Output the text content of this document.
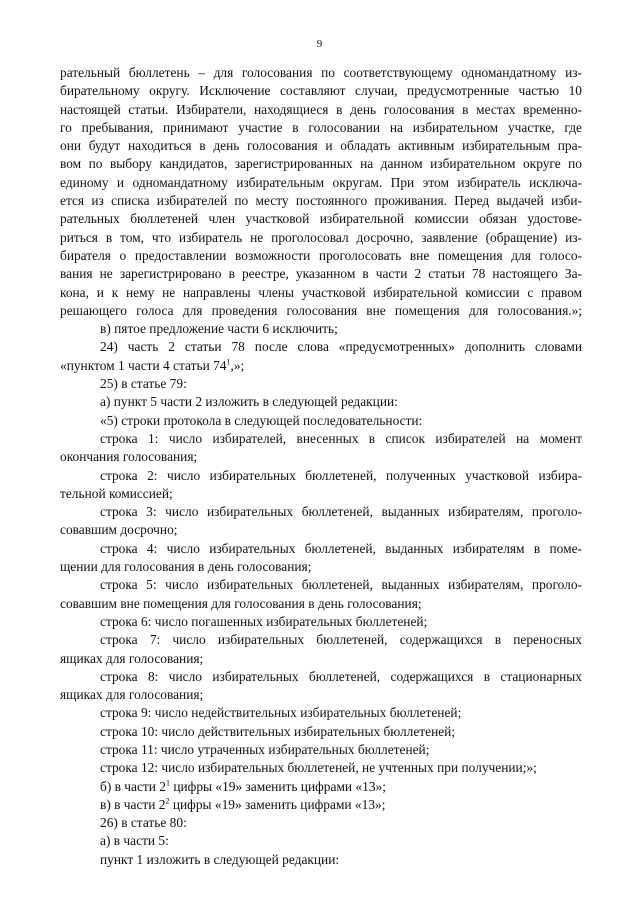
9
рательный бюллетень – для голосования по соответствующему одномандатному из-
бирательному округу. Исключение составляют случаи, предусмотренные частью 10
настоящей статьи. Избиратели, находящиеся в день голосования в местах временно-
го пребывания, принимают участие в голосовании на избирательном участке, где
они будут находиться в день голосования и обладать активным избирательным пра-
вом по выбору кандидатов, зарегистрированных на данном избирательном округе по
единому и одномандатному избирательным округам. При этом избиратель исключа-
ется из списка избирателей по месту постоянного проживания. Перед выдачей изби-
рательных бюллетеней член участковой избирательной комиссии обязан удостове-
риться в том, что избиратель не проголосовал досрочно, заявление (обращение) из-
бирателя о предоставлении возможности проголосовать вне помещения для голосо-
вания не зарегистрировано в реестре, указанном в части 2 статьи 78 настоящего За-
кона, и к нему не направлены члены участковой избирательной комиссии с правом
решающего голоса для проведения голосования вне помещения для голосования.»;
в) пятое предложение части 6 исключить;
24) часть 2 статьи 78 после слова «предусмотренных» дополнить словами
«пунктом 1 части 4 статьи $74^1$,»;
25) в статье 79:
а) пункт 5 части 2 изложить в следующей редакции:
«5) строки протокола в следующей последовательности:
строка 1: число избирателей, внесенных в список избирателей на момент
окончания голосования;
строка 2: число избирательных бюллетеней, полученных участковой избира-
тельной комиссией;
строка 3: число избирательных бюллетеней, выданных избирателям, проголо-
совавшим досрочно;
строка 4: число избирательных бюллетеней, выданных избирателям в поме-
щении для голосования в день голосования;
строка 5: число избирательных бюллетеней, выданных избирателям, проголо-
совавшим вне помещения для голосования в день голосования;
строка 6: число погашенных избирательных бюллетеней;
строка 7: число избирательных бюллетеней, содержащихся в переносных
ящиках для голосования;
строка 8: число избирательных бюллетеней, содержащихся в стационарных
ящиках для голосования;
строка 9: число недействительных избирательных бюллетеней;
строка 10: число действительных избирательных бюллетеней;
строка 11: число утраченных избирательных бюллетеней;
строка 12: число избирательных бюллетеней, не учтенных при получении;»;
б) в части $2^1$ цифры «19» заменить цифрами «13»;
в) в части $2^2$ цифры «19» заменить цифрами «13»;
26) в статье 80:
а) в части 5:
пункт 1 изложить в следующей редакции:
